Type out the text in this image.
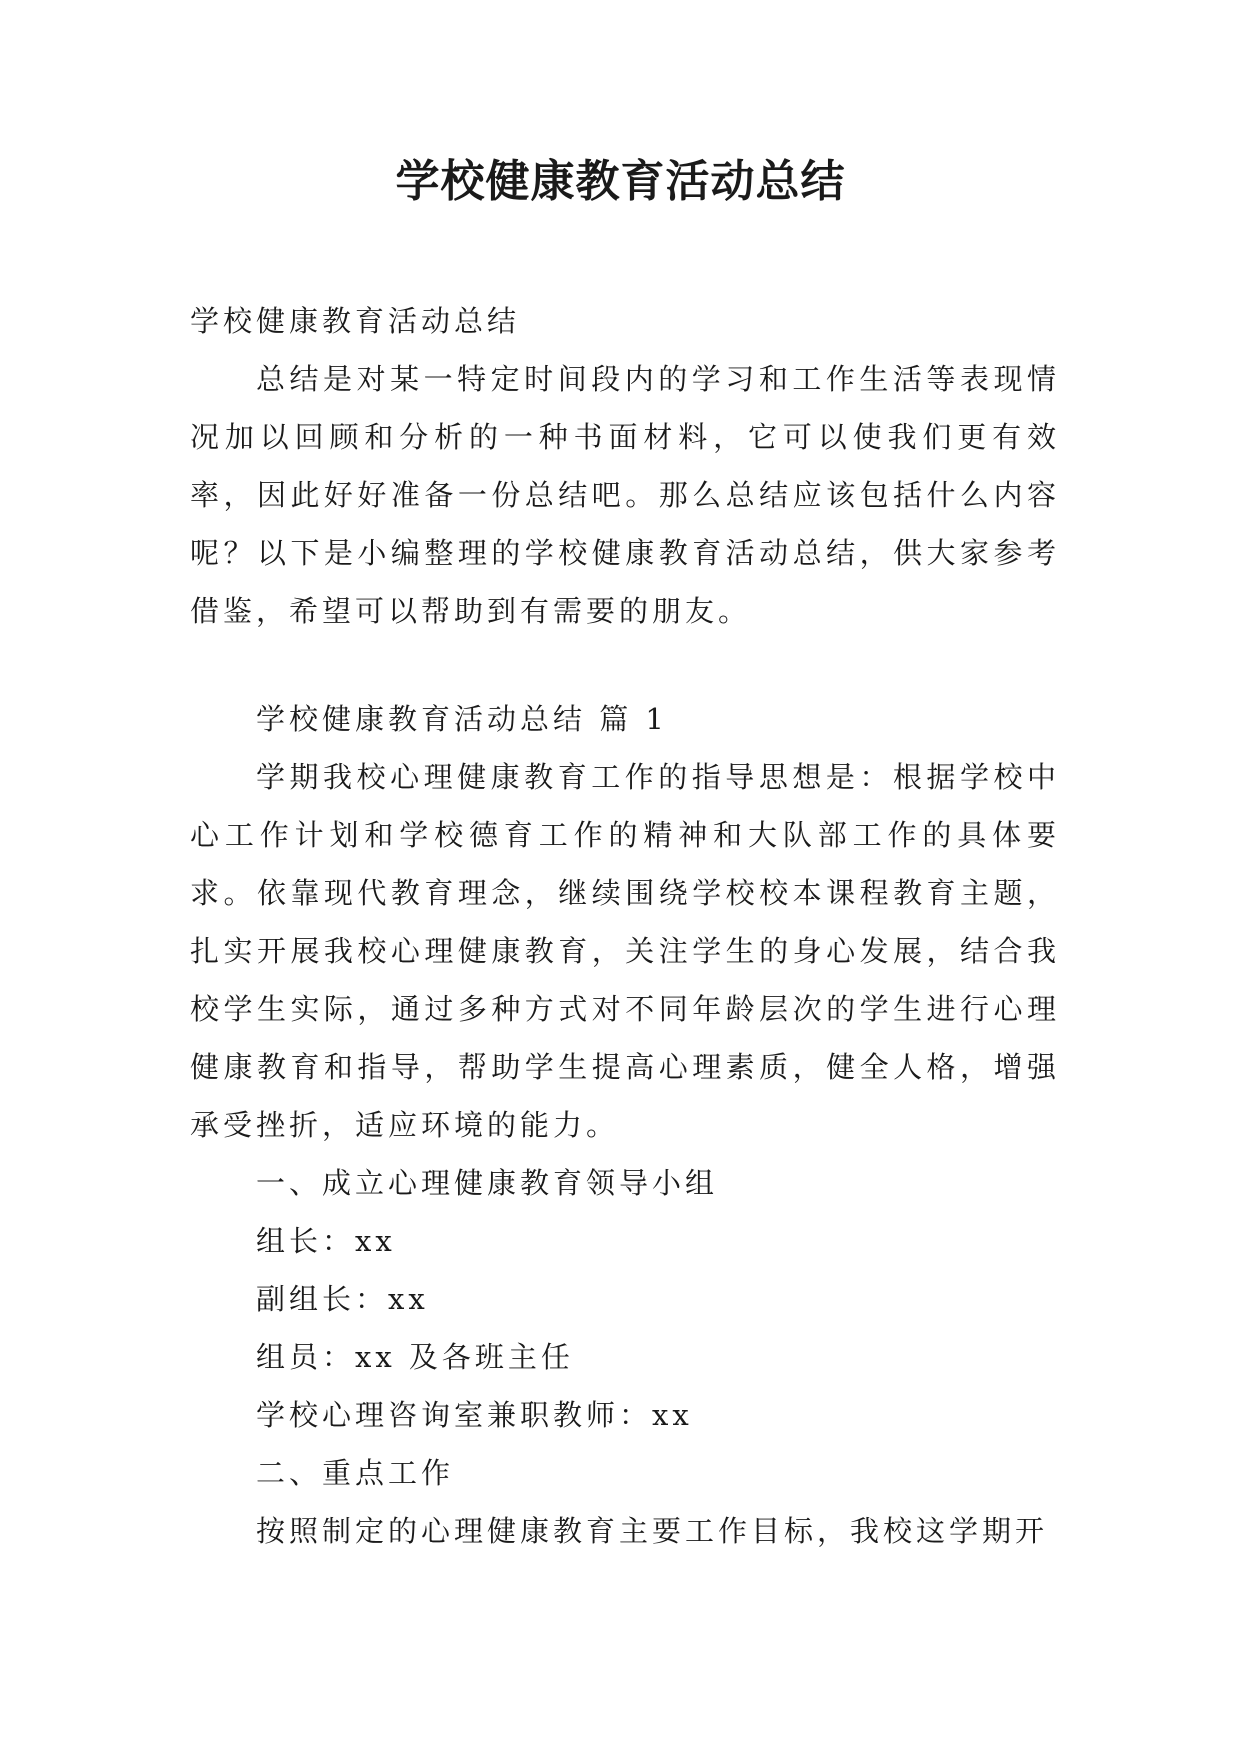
学校健康教育活动总结

学校健康教育活动总结

总结是对某一特定时间段内的学习和工作生活等表现情况加以回顾和分析的一种书面材料，它可以使我们更有效率，因此好好准备一份总结吧。那么总结应该包括什么内容呢？以下是小编整理的学校健康教育活动总结，供大家参考借鉴，希望可以帮助到有需要的朋友。

学校健康教育活动总结 篇 1

学期我校心理健康教育工作的指导思想是：根据学校中心工作计划和学校德育工作的精神和大队部工作的具体要求。依靠现代教育理念，继续围绕学校校本课程教育主题，扎实开展我校心理健康教育，关注学生的身心发展，结合我校学生实际，通过多种方式对不同年龄层次的学生进行心理健康教育和指导，帮助学生提高心理素质，健全人格，增强承受挫折，适应环境的能力。

一、成立心理健康教育领导小组

组长：xx

副组长：xx

组员：xx 及各班主任

学校心理咨询室兼职教师：xx

二、重点工作

按照制定的心理健康教育主要工作目标，我校这学期开
